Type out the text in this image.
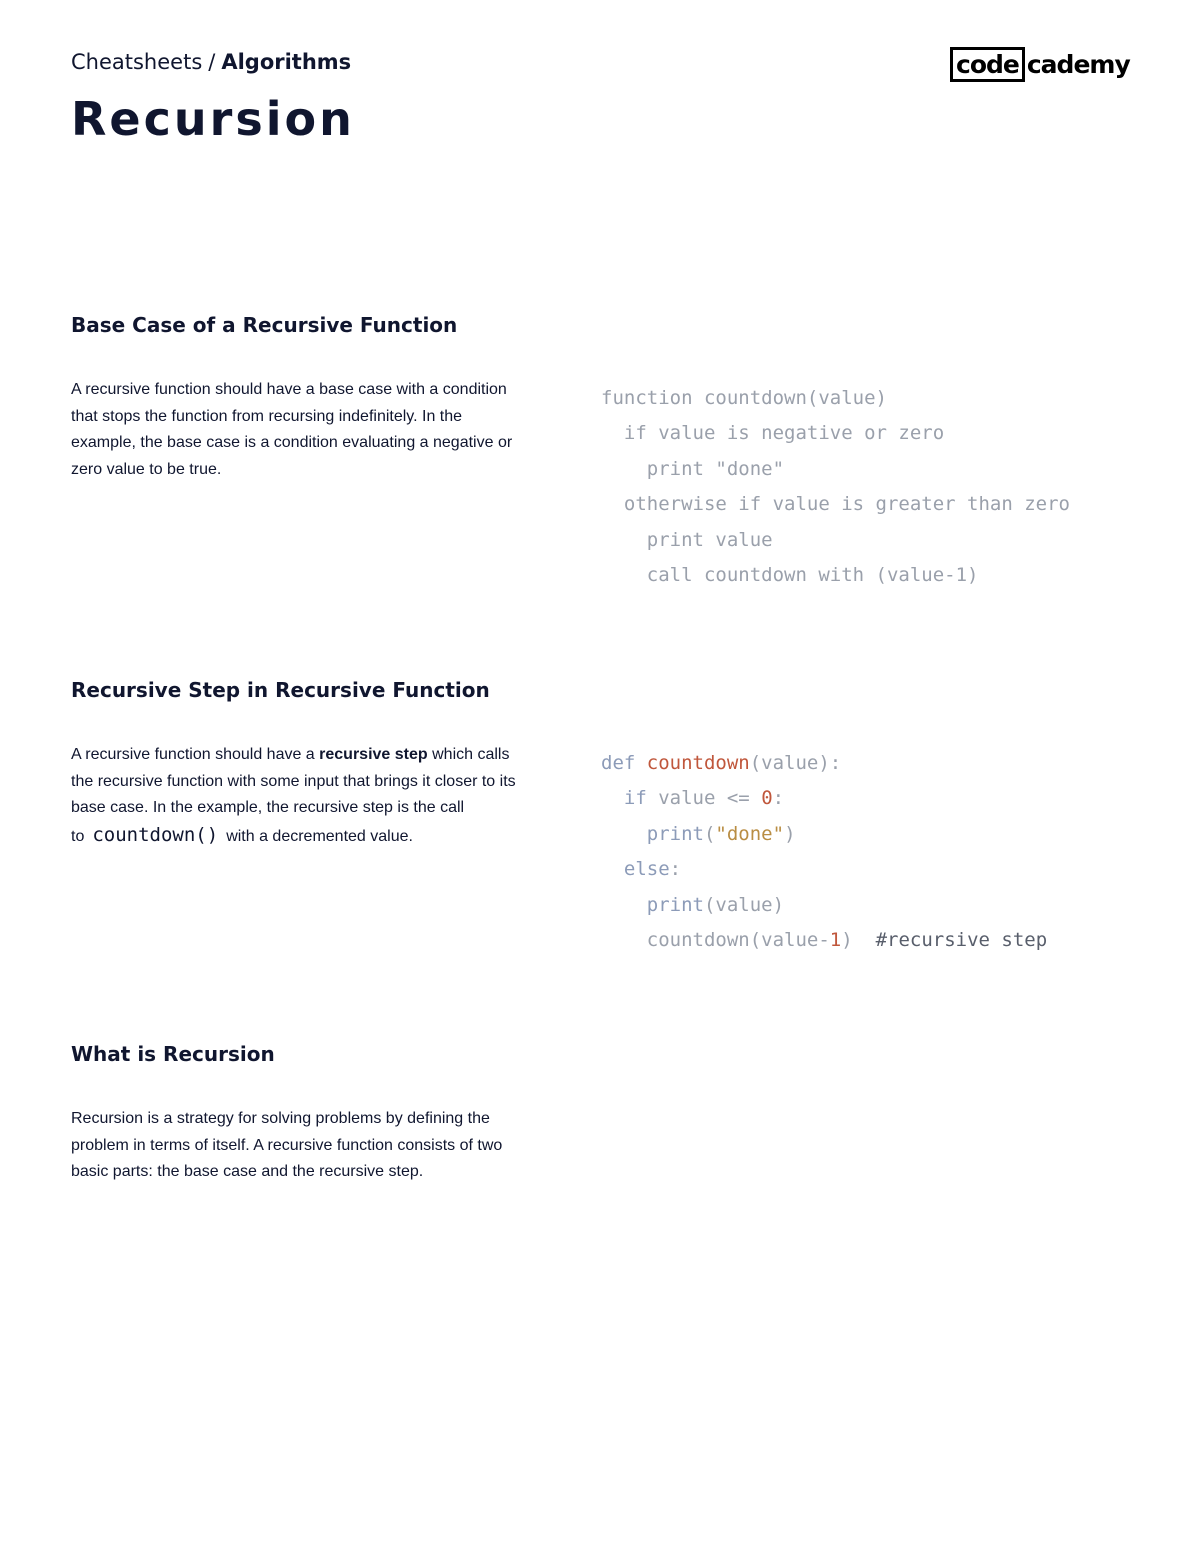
Cheatsheets / Algorithms
Recursion
code cademy
Base Case of a Recursive Function

A recursive function should have a base case with a condition that stops the function from recursing indefinitely. In the example, the base case is a condition evaluating a negative or zero value to be true.

function countdown(value)
if value is negative or zero
print "done"
otherwise if value is greater than zero
print value
call countdown with (value-1)
Recursive Step in Recursive Function

A recursive function should have a recursive step which calls the recursive function with some input that brings it closer to its base case. In the example, the recursive step is the call to countdown() with a decremented value.

def countdown(value):
if value <= 0:
print("done")
else:
print(value)
countdown(value-1) #recursive step
What is Recursion

Recursion is a strategy for solving problems by defining the problem in terms of itself. A recursive function consists of two basic parts: the base case and the recursive step.
